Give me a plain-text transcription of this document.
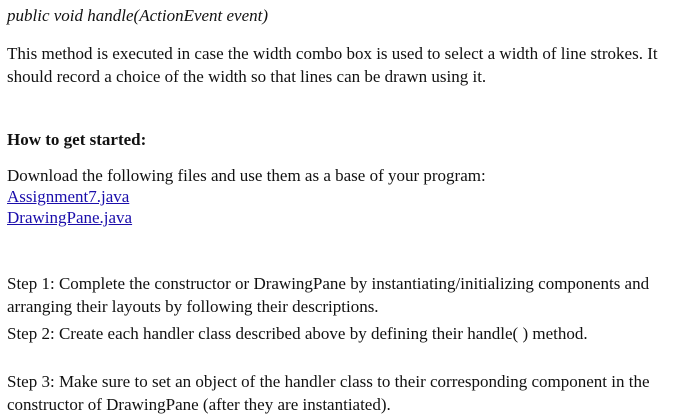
public void handle(ActionEvent event)

This method is executed in case the width combo box is used to select a width of line strokes. It should record a choice of the width so that lines can be drawn using it.

How to get started:

Download the following files and use them as a base of your program:

Assignment7.java
DrawingPane.java

Step 1: Complete the constructor or DrawingPane by instantiating/initializing components and arranging their layouts by following their descriptions.

Step 2: Create each handler class described above by defining their handle( ) method.

Step 3: Make sure to set an object of the handler class to their corresponding component in the constructor of DrawingPane (after they are instantiated).
